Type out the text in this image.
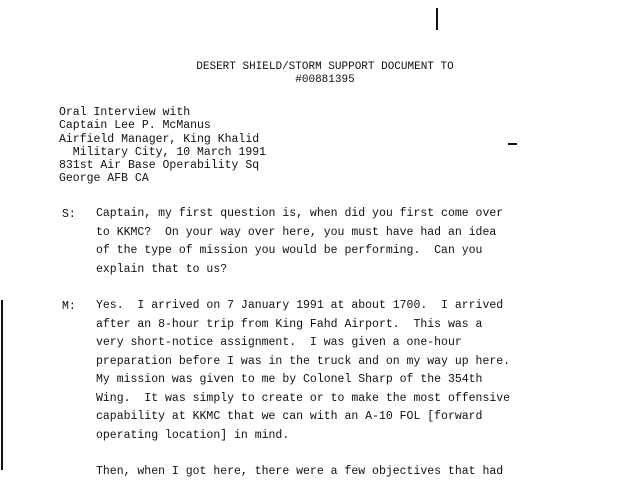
DESERT SHIELD/STORM SUPPORT DOCUMENT TO
#00881395
Oral Interview with
Captain Lee P. McManus
Airfield Manager, King Khalid
Military City, 10 March 1991
831st Air Base Operability Sq
George AFB CA
S: Captain, my first question is, when did you first come over
to KKMC?  On your way over here, you must have had an idea
of the type of mission you would be performing.  Can you
explain that to us?
M: Yes.  I arrived on 7 January 1991 at about 1700.  I arrived
after an 8-hour trip from King Fahd Airport.  This was a
very short-notice assignment.  I was given a one-hour
preparation before I was in the truck and on my way up here.
My mission was given to me by Colonel Sharp of the 354th
Wing.  It was simply to create or to make the most offensive
capability at KKMC that we can with an A-10 FOL [forward
operating location] in mind.
Then, when I got here, there were a few objectives that had
